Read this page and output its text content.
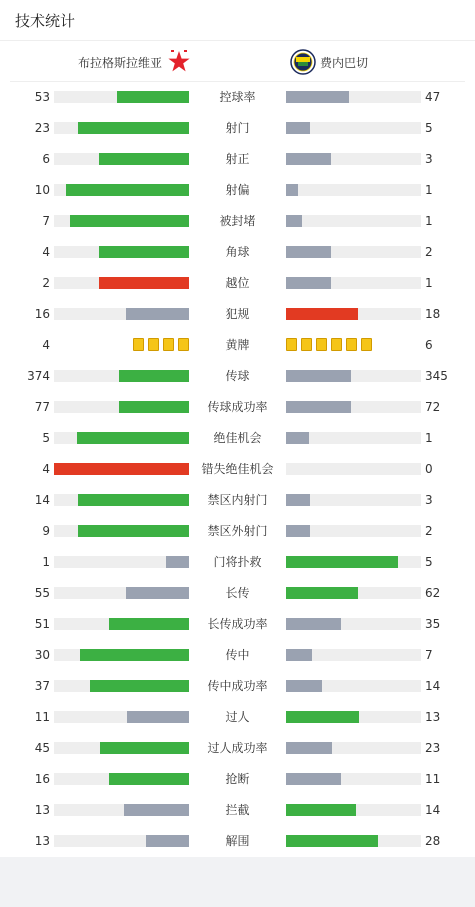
技术统计
布拉格斯拉维亚	费内巴切
53	控球率	47
23	射门	5
6	射正	3
10	射偏	1
7	被封堵	1
4	角球	2
2	越位	1
16	犯规	18
4	黄牌	6
374	传球	345
77	传球成功率	72
5	绝佳机会	1
4	错失绝佳机会	0
14	禁区内射门	3
9	禁区外射门	2
1	门将扑救	5
55	长传	62
51	长传成功率	35
30	传中	7
37	传中成功率	14
11	过人	13
45	过人成功率	23
16	抢断	11
13	拦截	14
13	解围	28
